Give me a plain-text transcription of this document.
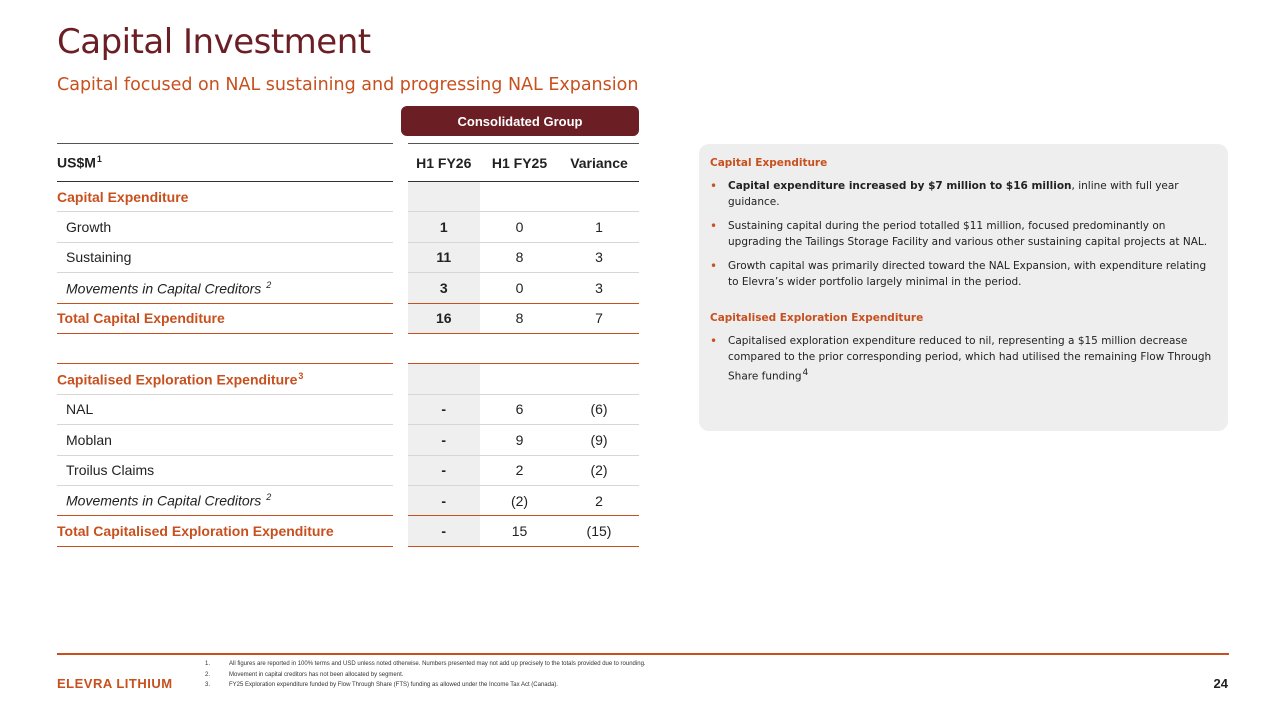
Capital Investment
Capital focused on NAL sustaining and progressing NAL Expansion
Consolidated Group
$US\$M^1$	H1 FY26	H1 FY25	Variance
Capital Expenditure			
Growth	1	0	1
Sustaining	11	8	3
Movements in Capital Creditors $^2$	3	0	3
Total Capital Expenditure	16	8	7

Capitalised Exploration Expenditure$^3$			
NAL	-	6	(6)
Moblan	-	9	(9)
Troilus Claims	-	2	(2)
Movements in Capital Creditors $^2$	-	(2)	2
Total Capitalised Exploration Expenditure	-	15	(15)
Capital Expenditure
• Capital expenditure increased by $7 million to $16 million, inline with full year guidance.
• Sustaining capital during the period totalled $11 million, focused predominantly on upgrading the Tailings Storage Facility and various other sustaining capital projects at NAL.
• Growth capital was primarily directed toward the NAL Expansion, with expenditure relating to Elevra’s wider portfolio largely minimal in the period.
Capitalised Exploration Expenditure
• Capitalised exploration expenditure reduced to nil, representing a $15 million decrease compared to the prior corresponding period, which had utilised the remaining Flow Through Share funding4
ELEVRA LITHIUM
1.	All figures are reported in 100% terms and USD unless noted otherwise. Numbers presented may not add up precisely to the totals provided due to rounding.
2.	Movement in capital creditors has not been allocated by segment.
3.	FY25 Exploration expenditure funded by Flow Through Share (FTS) funding as allowed under the Income Tax Act (Canada).	24
